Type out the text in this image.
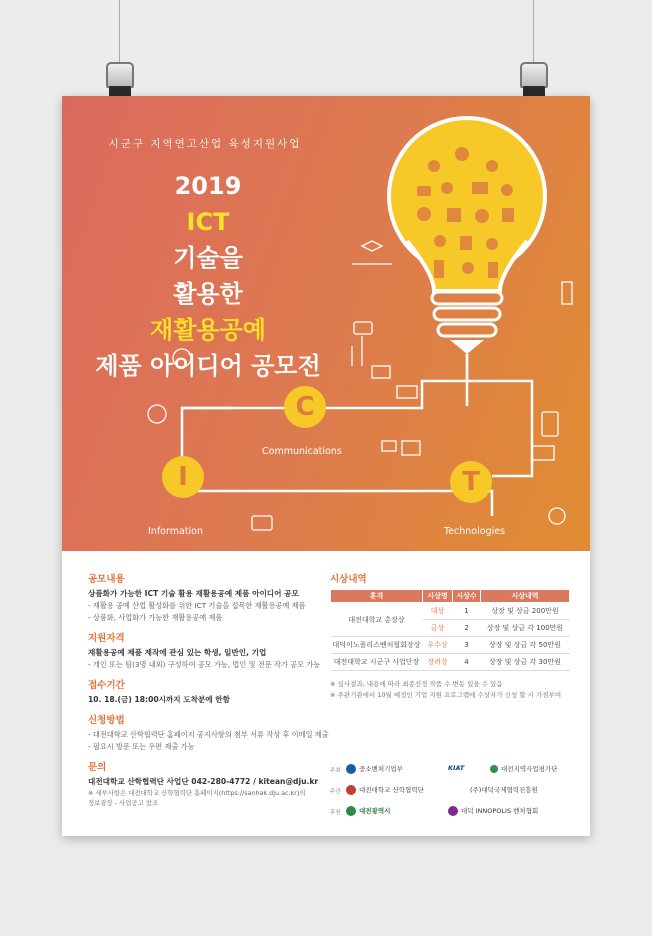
시군구 지역연고산업 육성지원사업
2019
ICT
기술을
활용한
재활용공예
제품 아이디어 공모전
I
C
T
Information
Communications
Technologies
공모내용
상품화가 가능한 ICT 기술 활용 재활용공예 제품 아이디어 공모
- 재활용 공예 산업 활성화를 위한 ICT 기술을 접목한 재활용공예 제품
- 상품화, 사업화가 가능한 재활용공예 제품
지원자격
재활용공예 제품 제작에 관심 있는 학생, 일반인, 기업
- 개인 또는 팀(3명 내외) 구성하여 공모 가능, 법인 및 전문 작가 공모 가능
접수기간
10. 18.(금) 18:00시까지 도착분에 한함
신청방법
- 대전대학교 산학협력단 홈페이지 공지사항의 첨부 서류 작성 후 이메일 제출
- 필요시 방문 또는 우편 제출 가능
문의
대전대학교 산학협력단 사업단 042-280-4772 / kitean@dju.kr
※ 세부사항은 대전대학교 산학협력단 홈페이지(https://sanhak.dju.ac.kr)의
정보광장 - 사업공고 참조
시상내역
훈격	시상명	시상수	시상내역
대전대학교 총장상	대상	1	상장 및 상금 200만원
	금상	2	상장 및 상금 각 100만원
대덕이노폴리스벤처협회장상	우수상	3	상장 및 상금 각 50만원
대전대학교 시군구 사업단장	장려상	4	상장 및 상금 각 30만원
※ 심사결과, 내용에 따라 최종선정 작품 수 변동 있을 수 있음
※ 주관기관에서 10월 예정인 기업 지원 프로그램에 수상자가 신청 할 시 가점부여
주최	중소벤처기업부	KIAT	대전지역사업평가단
주관	대전대학교 산학협력단	(주)대덕국제협력진흥원
후원	대전광역시	대덕 INNOPOLIS 벤처협회
